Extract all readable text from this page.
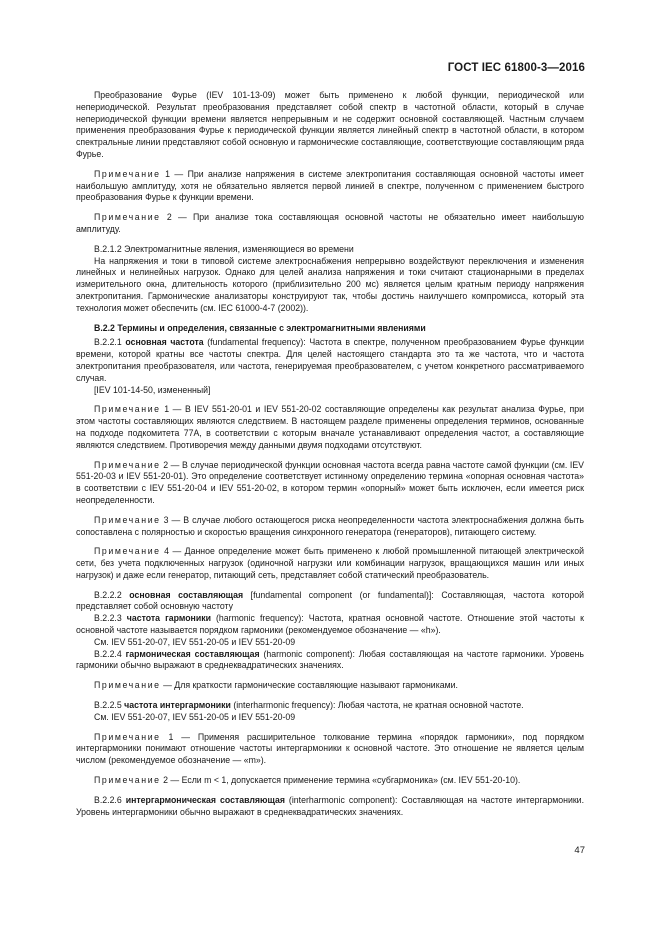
ГОСТ IEC 61800-3—2016

Преобразование Фурье (IEV 101-13-09) может быть применено к любой функции, периодической или непериодической. Результат преобразования представляет собой спектр в частотной области, который в случае непериодической функции времени является непрерывным и не содержит основной составляющей. Частным случаем применения преобразования Фурье к периодической функции является линейный спектр в частотной области, в котором спектральные линии представляют собой основную и гармонические составляющие, соответствующие составляющим ряда Фурье.

Примечание 1 — При анализе напряжения в системе электропитания составляющая основной частоты имеет наибольшую амплитуду, хотя не обязательно является первой линией в спектре, полученном с применением быстрого преобразования Фурье к функции времени.

Примечание 2 — При анализе тока составляющая основной частоты не обязательно имеет наибольшую амплитуду.

B.2.1.2 Электромагнитные явления, изменяющиеся во времени

На напряжения и токи в типовой системе электроснабжения непрерывно воздействуют переключения и изменения линейных и нелинейных нагрузок. Однако для целей анализа напряжения и токи считают стационарными в пределах измерительного окна, длительность которого (приблизительно 200 мс) является целым кратным периоду напряжения электропитания. Гармонические анализаторы конструируют так, чтобы достичь наилучшего компромисса, который эта технология может обеспечить (см. IEC 61000-4-7 (2002)).

B.2.2 Термины и определения, связанные с электромагнитными явлениями

B.2.2.1 основная частота (fundamental frequency): Частота в спектре, полученном преобразованием Фурье функции времени, которой кратны все частоты спектра. Для целей настоящего стандарта это та же частота, что и частота электропитания преобразователя, или частота, генерируемая преобразователем, с учетом конкретного рассматриваемого случая.

[IEV 101-14-50, измененный]

Примечание 1 — В IEV 551-20-01 и IEV 551-20-02 составляющие определены как результат анализа Фурье, при этом частоты составляющих являются следствием. В настоящем разделе применены определения терминов, основанные на подходе подкомитета 77А, в соответствии с которым вначале устанавливают определения частот, а составляющие являются следствием. Противоречия между данными двумя подходами отсутствуют.

Примечание 2 — В случае периодической функции основная частота всегда равна частоте самой функции (см. IEV 551-20-03 и IEV 551-20-01). Это определение соответствует истинному определению термина «опорная основная частота» в соответствии с IEV 551-20-04 и IEV 551-20-02, в котором термин «опорный» может быть исключен, если имеется риск неопределенности.

Примечание 3 — В случае любого остающегося риска неопределенности частота электроснабжения должна быть сопоставлена с полярностью и скоростью вращения синхронного генератора (генераторов), питающего систему.

Примечание 4 — Данное определение может быть применено к любой промышленной питающей электрической сети, без учета подключенных нагрузок (одиночной нагрузки или комбинации нагрузок, вращающихся машин или иных нагрузок) и даже если генератор, питающий сеть, представляет собой статический преобразователь.

B.2.2.2 основная составляющая [fundamental component (or fundamental)]: Составляющая, частота которой представляет собой основную частоту

B.2.2.3 частота гармоники (harmonic frequency): Частота, кратная основной частоте. Отношение этой частоты к основной частоте называется порядком гармоники (рекомендуемое обозначение — «h»).

См. IEV 551-20-07, IEV 551-20-05 и IEV 551-20-09

B.2.2.4 гармоническая составляющая (harmonic component): Любая составляющая на частоте гармоники. Уровень гармоники обычно выражают в среднеквадратических значениях.

Примечание — Для краткости гармонические составляющие называют гармониками.

B.2.2.5 частота интергармоники (interharmonic frequency): Любая частота, не кратная основной частоте.

См. IEV 551-20-07, IEV 551-20-05 и IEV 551-20-09

Примечание 1 — Применяя расширительное толкование термина «порядок гармоники», под порядком интергармоники понимают отношение частоты интергармоники к основной частоте. Это отношение не является целым числом (рекомендуемое обозначение — «m»).

Примечание 2 — Если m < 1, допускается применение термина «субгармоника» (см. IEV 551-20-10).

B.2.2.6 интергармоническая составляющая (interharmonic component): Составляющая на частоте интергармоники. Уровень интергармоники обычно выражают в среднеквадратических значениях.

47
